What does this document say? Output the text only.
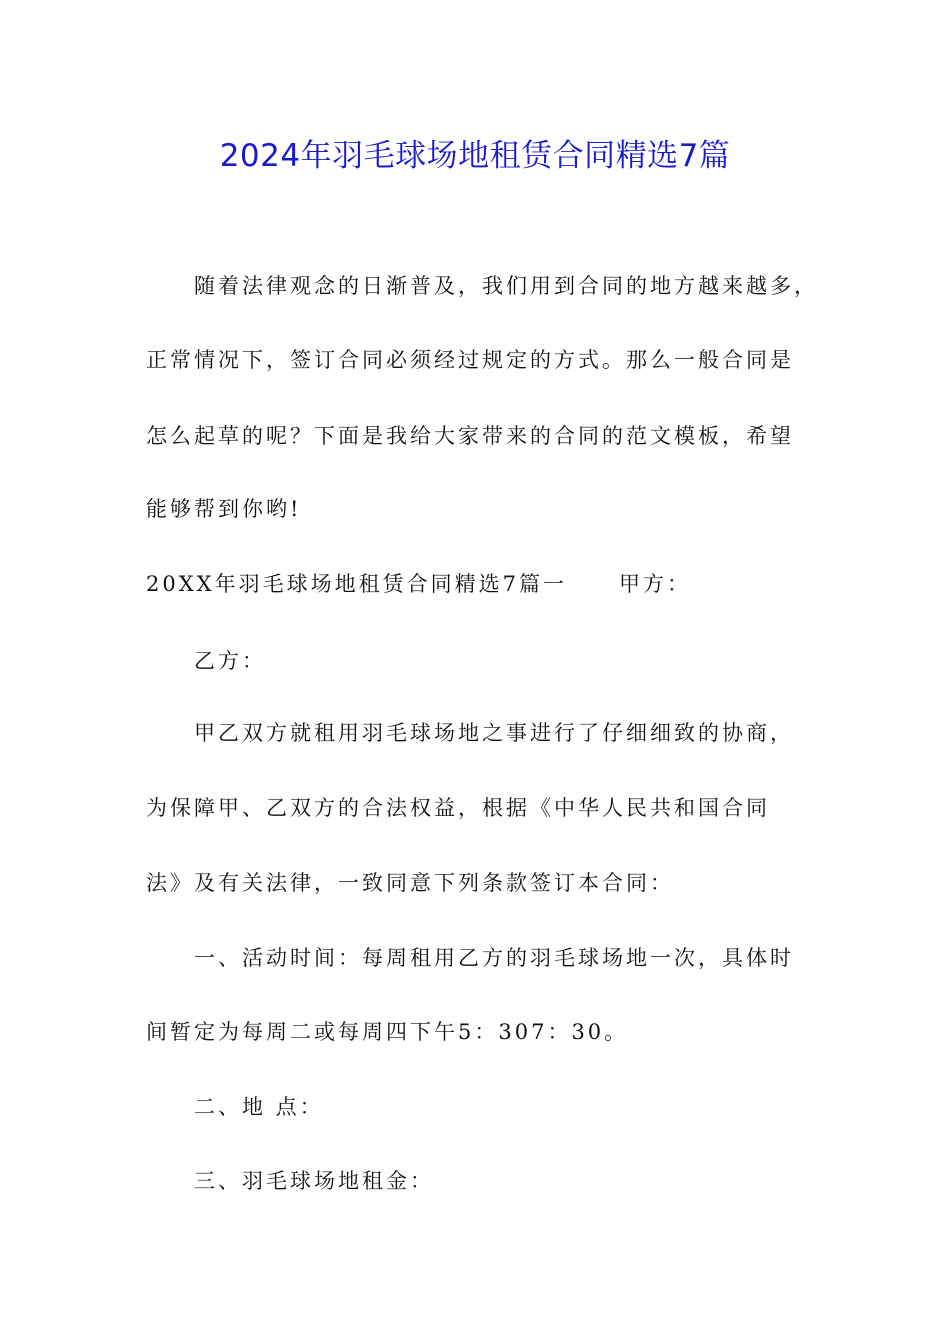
2024年羽毛球场地租赁合同精选7篇
随着法律观念的日渐普及，我们用到合同的地方越来越多，
正常情况下，签订合同必须经过规定的方式。那么一般合同是
怎么起草的呢？下面是我给大家带来的合同的范文模板，希望
能够帮到你哟!
20XX年羽毛球场地租赁合同精选7篇一 甲方：
乙方：
甲乙双方就租用羽毛球场地之事进行了仔细细致的协商，
为保障甲、乙双方的合法权益，根据《中华人民共和国合同
法》及有关法律，一致同意下列条款签订本合同：
一、活动时间：每周租用乙方的羽毛球场地一次，具体时
间暂定为每周二或每周四下午5：307：30。
二、地 点：
三、羽毛球场地租金：
